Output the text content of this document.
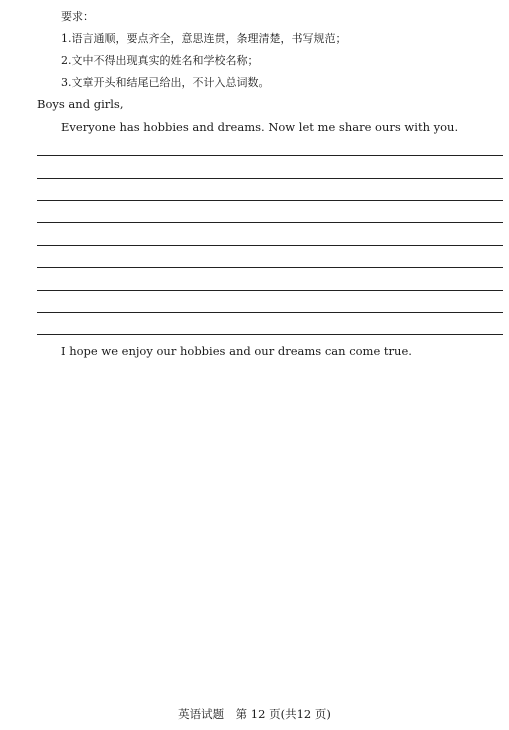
要求：
1.语言通顺，要点齐全，意思连贯，条理清楚，书写规范；
2.文中不得出现真实的姓名和学校名称；
3.文章开头和结尾已给出，不计入总词数。
Boys and girls,
Everyone has hobbies and dreams. Now let me share ours with you.
I hope we enjoy our hobbies and our dreams can come true.
英语试题　第 12 页(共12 页)
